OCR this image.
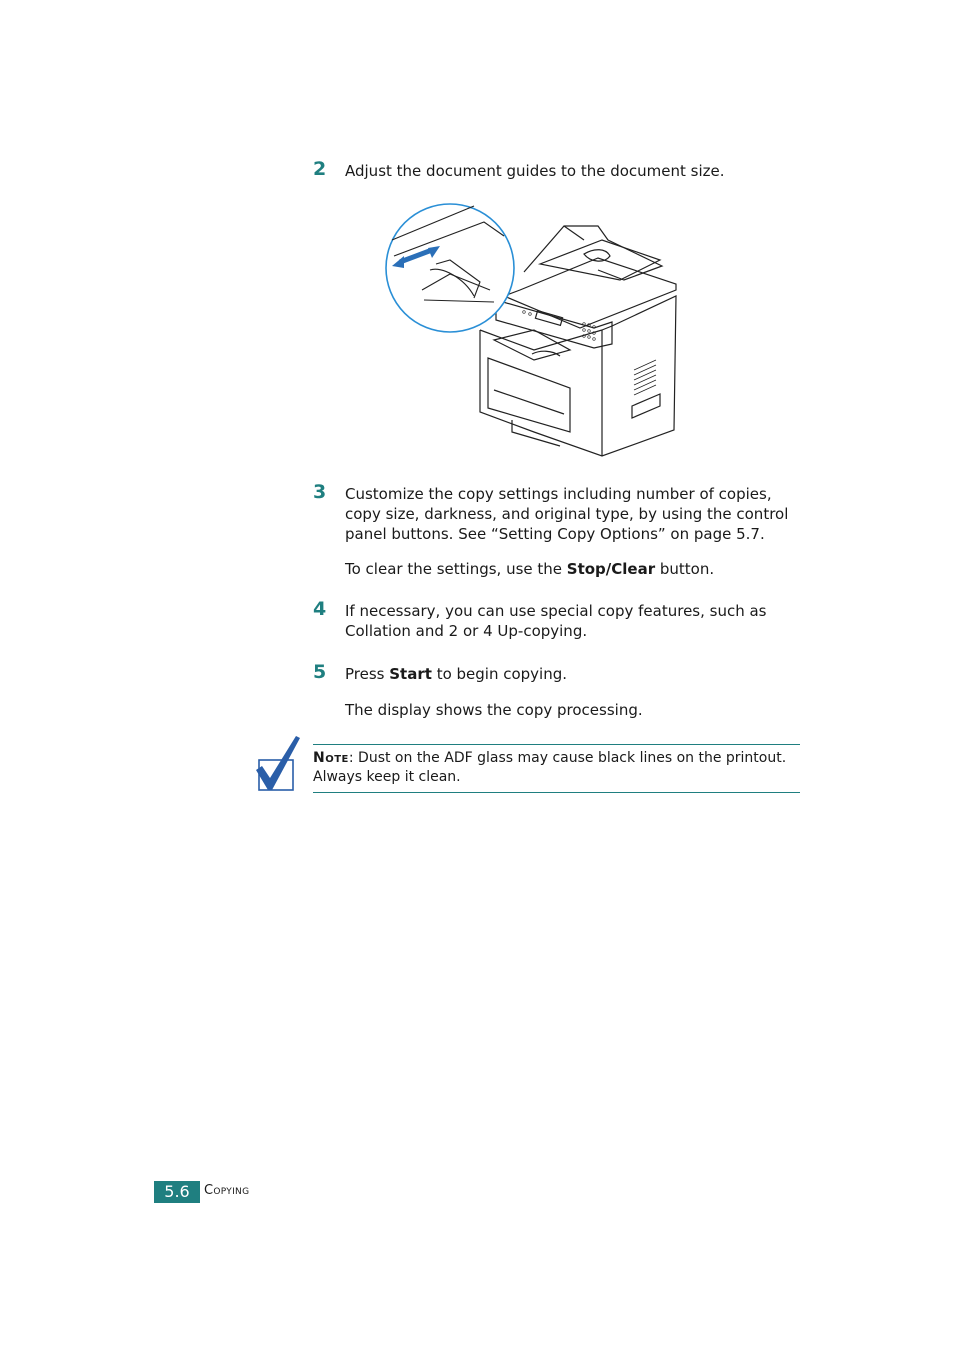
2 Adjust the document guides to the document size.
3 Customize the copy settings including number of copies, copy size, darkness, and original type, by using the control panel buttons. See “Setting Copy Options” on page 5.7.
To clear the settings, use the Stop/Clear button.
4 If necessary, you can use special copy features, such as Collation and 2 or 4 Up-copying.
5 Press Start to begin copying.
The display shows the copy processing.
Note: Dust on the ADF glass may cause black lines on the printout. Always keep it clean.
5.6	Copying
